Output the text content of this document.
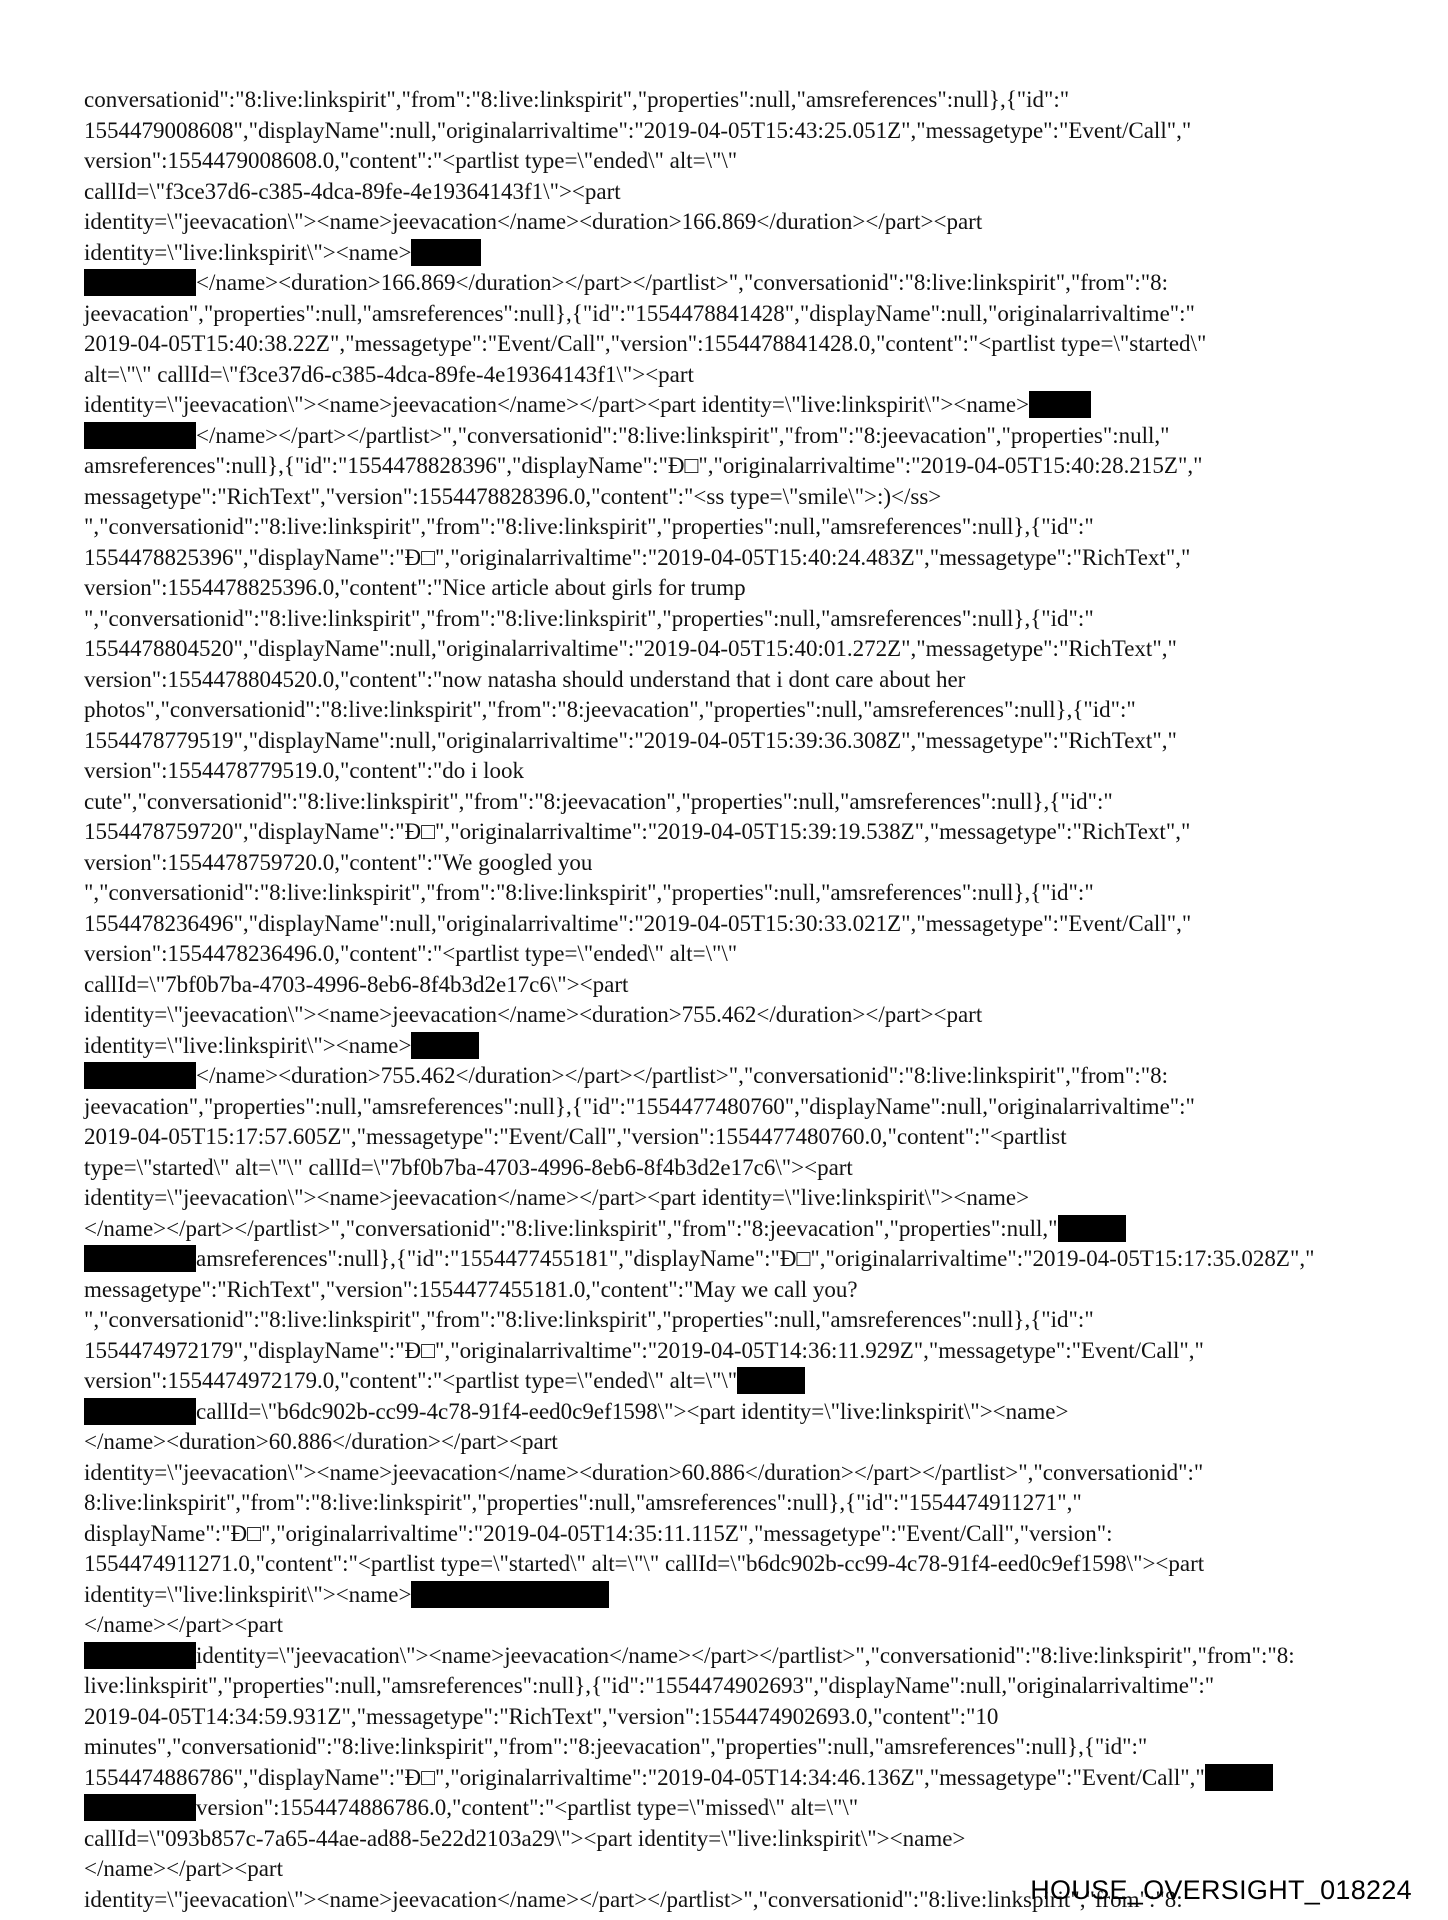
conversationid":"8:live:linkspirit","from":"8:live:linkspirit","properties":null,"amsreferences":null},{"id":"
1554479008608","displayName":null,"originalarrivaltime":"2019-04-05T15:43:25.051Z","messagetype":"Event/Call","
version":1554479008608.0,"content":"<partlist type=\"ended\" alt=\"\"
callId=\"f3ce37d6-c385-4dca-89fe-4e19364143f1\"><part
identity=\"jeevacation\"><name>jeevacation</name><duration>166.869</duration></part><part
identity=\"live:linkspirit\"><name>
</name><duration>166.869</duration></part></partlist>","conversationid":"8:live:linkspirit","from":"8:
jeevacation","properties":null,"amsreferences":null},{"id":"1554478841428","displayName":null,"originalarrivaltime":"
2019-04-05T15:40:38.22Z","messagetype":"Event/Call","version":1554478841428.0,"content":"<partlist type=\"started\"
alt=\"\" callId=\"f3ce37d6-c385-4dca-89fe-4e19364143f1\"><part
identity=\"jeevacation\"><name>jeevacation</name></part><part identity=\"live:linkspirit\"><name>
</name></part></partlist>","conversationid":"8:live:linkspirit","from":"8:jeevacation","properties":null,"
amsreferences":null},{"id":"1554478828396","displayName":"Ð□","originalarrivaltime":"2019-04-05T15:40:28.215Z","
messagetype":"RichText","version":1554478828396.0,"content":"<ss type=\"smile\">:)</ss>
","conversationid":"8:live:linkspirit","from":"8:live:linkspirit","properties":null,"amsreferences":null},{"id":"
1554478825396","displayName":"Ð□","originalarrivaltime":"2019-04-05T15:40:24.483Z","messagetype":"RichText","
version":1554478825396.0,"content":"Nice article about girls for trump
","conversationid":"8:live:linkspirit","from":"8:live:linkspirit","properties":null,"amsreferences":null},{"id":"
1554478804520","displayName":null,"originalarrivaltime":"2019-04-05T15:40:01.272Z","messagetype":"RichText","
version":1554478804520.0,"content":"now natasha should understand that i dont care about her
photos","conversationid":"8:live:linkspirit","from":"8:jeevacation","properties":null,"amsreferences":null},{"id":"
1554478779519","displayName":null,"originalarrivaltime":"2019-04-05T15:39:36.308Z","messagetype":"RichText","
version":1554478779519.0,"content":"do i look
cute","conversationid":"8:live:linkspirit","from":"8:jeevacation","properties":null,"amsreferences":null},{"id":"
1554478759720","displayName":"Ð□","originalarrivaltime":"2019-04-05T15:39:19.538Z","messagetype":"RichText","
version":1554478759720.0,"content":"We googled you
","conversationid":"8:live:linkspirit","from":"8:live:linkspirit","properties":null,"amsreferences":null},{"id":"
1554478236496","displayName":null,"originalarrivaltime":"2019-04-05T15:30:33.021Z","messagetype":"Event/Call","
version":1554478236496.0,"content":"<partlist type=\"ended\" alt=\"\"
callId=\"7bf0b7ba-4703-4996-8eb6-8f4b3d2e17c6\"><part
identity=\"jeevacation\"><name>jeevacation</name><duration>755.462</duration></part><part
identity=\"live:linkspirit\"><name>
</name><duration>755.462</duration></part></partlist>","conversationid":"8:live:linkspirit","from":"8:
jeevacation","properties":null,"amsreferences":null},{"id":"1554477480760","displayName":null,"originalarrivaltime":"
2019-04-05T15:17:57.605Z","messagetype":"Event/Call","version":1554477480760.0,"content":"<partlist
type=\"started\" alt=\"\" callId=\"7bf0b7ba-4703-4996-8eb6-8f4b3d2e17c6\"><part
identity=\"jeevacation\"><name>jeevacation</name></part><part identity=\"live:linkspirit\"><name>
</name></part></partlist>","conversationid":"8:live:linkspirit","from":"8:jeevacation","properties":null,"
amsreferences":null},{"id":"1554477455181","displayName":"Ð□","originalarrivaltime":"2019-04-05T15:17:35.028Z","
messagetype":"RichText","version":1554477455181.0,"content":"May we call you?
","conversationid":"8:live:linkspirit","from":"8:live:linkspirit","properties":null,"amsreferences":null},{"id":"
1554474972179","displayName":"Ð□","originalarrivaltime":"2019-04-05T14:36:11.929Z","messagetype":"Event/Call","
version":1554474972179.0,"content":"<partlist type=\"ended\" alt=\"\"
callId=\"b6dc902b-cc99-4c78-91f4-eed0c9ef1598\"><part identity=\"live:linkspirit\"><name>
</name><duration>60.886</duration></part><part
identity=\"jeevacation\"><name>jeevacation</name><duration>60.886</duration></part></partlist>","conversationid":"
8:live:linkspirit","from":"8:live:linkspirit","properties":null,"amsreferences":null},{"id":"1554474911271","
displayName":"Ð□","originalarrivaltime":"2019-04-05T14:35:11.115Z","messagetype":"Event/Call","version":
1554474911271.0,"content":"<partlist type=\"started\" alt=\"\" callId=\"b6dc902b-cc99-4c78-91f4-eed0c9ef1598\"><part
identity=\"live:linkspirit\"><name>
</name></part><part
identity=\"jeevacation\"><name>jeevacation</name></part></partlist>","conversationid":"8:live:linkspirit","from":"8:
live:linkspirit","properties":null,"amsreferences":null},{"id":"1554474902693","displayName":null,"originalarrivaltime":"
2019-04-05T14:34:59.931Z","messagetype":"RichText","version":1554474902693.0,"content":"10
minutes","conversationid":"8:live:linkspirit","from":"8:jeevacation","properties":null,"amsreferences":null},{"id":"
1554474886786","displayName":"Ð□","originalarrivaltime":"2019-04-05T14:34:46.136Z","messagetype":"Event/Call","
version":1554474886786.0,"content":"<partlist type=\"missed\" alt=\"\"
callId=\"093b857c-7a65-44ae-ad88-5e22d2103a29\"><part identity=\"live:linkspirit\"><name>
</name></part><part
identity=\"jeevacation\"><name>jeevacation</name></part></partlist>","conversationid":"8:live:linkspirit","from":"8:
HOUSE_OVERSIGHT_018224
